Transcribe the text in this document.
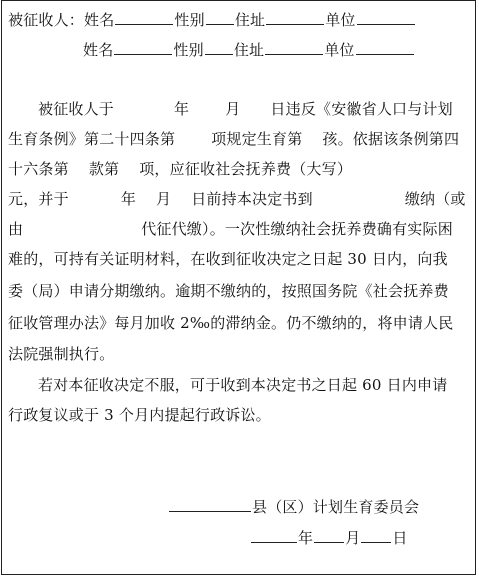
被征收人：姓名	性别 住址	单位
姓名	性别 住址	单位
被征收人于	年 月 日违反《安徽省人口与计划
生育条例》第二十四条第 项规定生育第 孩。依据该条例第四
十六条第 款第 项，应征收社会抚养费（大写）
元，并于	年 月 日前持本决定书到	缴纳（或
由	代征代缴）。一次性缴纳社会抚养费确有实际困
难的，可持有关证明材料，在收到征收决定之日起 30 日内，向我
委（局）申请分期缴纳。逾期不缴纳的，按照国务院《社会抚养费
征收管理办法》每月加收 2‰的滞纳金。仍不缴纳的，将申请人民
法院强制执行。
若对本征收决定不服，可于收到本决定书之日起 60 日内申请
行政复议或于 3 个月内提起行政诉讼。
县（区）计划生育委员会
年 月 日
